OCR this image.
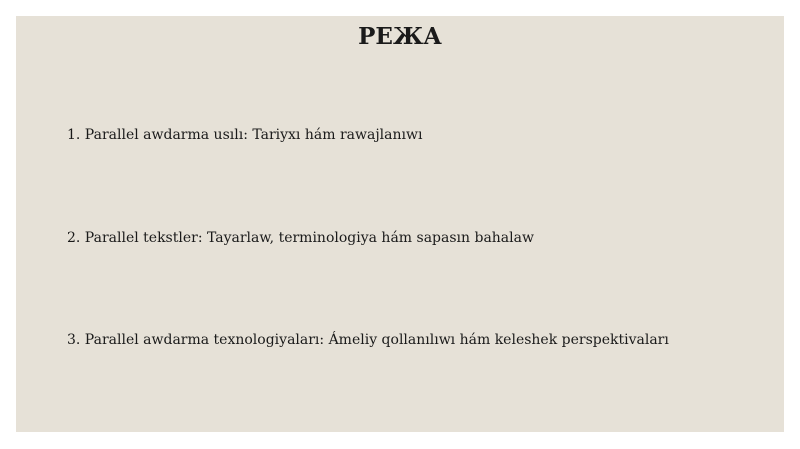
РЕЖА
1. Parallel awdarma usılı: Tariyxı hám rawajlanıwı
2. Parallel tekstler: Tayarlaw, terminologiya hám sapasın bahalaw
3. Parallel awdarma texnologiyaları: Ámeliy qollanılıwı hám keleshek perspektivaları
